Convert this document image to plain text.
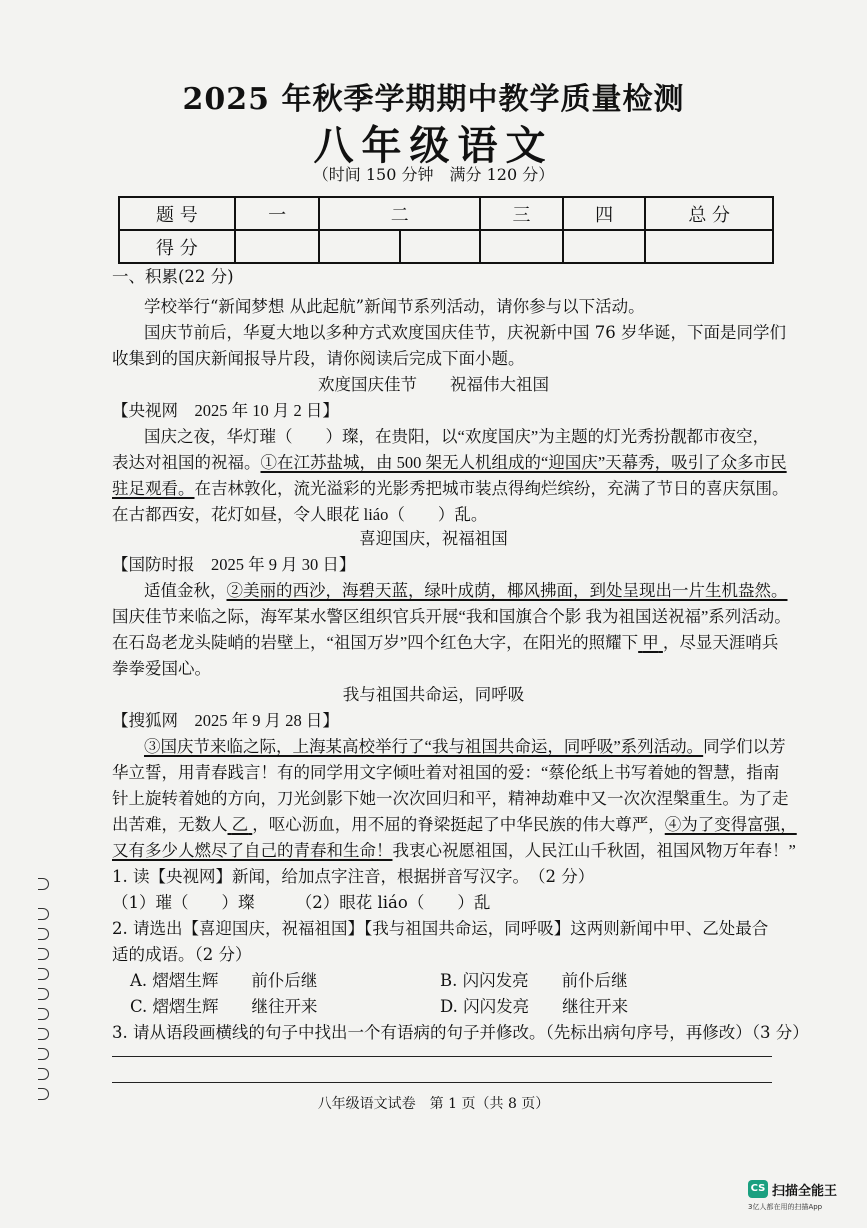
2025 年秋季学期期中教学质量检测
八年级语文
（时间 150 分钟　满分 120 分）
题 号	一	二		三	四	总 分
得 分						
一、积累(22 分)
学校举行“新闻梦想 从此起航”新闻节系列活动，请你参与以下活动。
国庆节前后，华夏大地以多种方式欢度国庆佳节，庆祝新中国 76 岁华诞，下面是同学们
收集到的国庆新闻报导片段，请你阅读后完成下面小题。
欢度国庆佳节　　祝福伟大祖国
【央视网　2025 年 10 月 2 日】
国庆之夜，华灯璀（　　）璨，在贵阳，以“欢度国庆”为主题的灯光秀扮靓都市夜空，
表达对祖国的祝福。①在江苏盐城，由 500 架无人机组成的“迎国庆”天幕秀，吸引了众多市民
驻足观看。在吉林敦化，流光溢彩的光影秀把城市装点得绚烂缤纷，充满了节日的喜庆氛围。
在古都西安，花灯如昼，令人眼花 liáo（　　）乱。
喜迎国庆，祝福祖国
【国防时报　2025 年 9 月 30 日】
适值金秋，②美丽的西沙，海碧天蓝，绿叶成荫，椰风拂面，到处呈现出一片生机盎然。
国庆佳节来临之际，海军某水警区组织官兵开展“我和国旗合个影 我为祖国送祝福”系列活动。
在石岛老龙头陡峭的岩壁上，“祖国万岁”四个红色大字，在阳光的照耀下 甲 ，尽显天涯哨兵
拳拳爱国心。
我与祖国共命运，同呼吸
【搜狐网　2025 年 9 月 28 日】
③国庆节来临之际，上海某高校举行了“我与祖国共命运，同呼吸”系列活动。同学们以芳
华立誓，用青春践言！有的同学用文字倾吐着对祖国的爱：“蔡伦纸上书写着她的智慧，指南
针上旋转着她的方向，刀光剑影下她一次次回归和平，精神劫难中又一次次涅槃重生。为了走
出苦难，无数人 乙 ，呕心沥血，用不屈的脊梁挺起了中华民族的伟大尊严，④为了变得富强，
又有多少人燃尽了自己的青春和生命！我衷心祝愿祖国，人民江山千秋固，祖国风物万年春！”
1. 读【央视网】新闻，给加点字注音，根据拼音写汉字。　（2 分）
（1）璀（　　）璨　　　（2）眼花 liáo（　　）乱
2. 请选出【喜迎国庆，祝福祖国】【我与祖国共命运，同呼吸】这两则新闻中甲、乙处最合
适的成语。（2 分）
A. 熠熠生辉　　前仆后继	B. 闪闪发亮　　前仆后继
C. 熠熠生辉　　继往开来	D. 闪闪发亮　　继往开来
3. 请从语段画横线的句子中找出一个有语病的句子并修改。（先标出病句序号，再修改）（3 分）
八年级语文试卷　第 1 页（共 8 页）
CS 扫描全能王
3亿人都在用的扫描App
